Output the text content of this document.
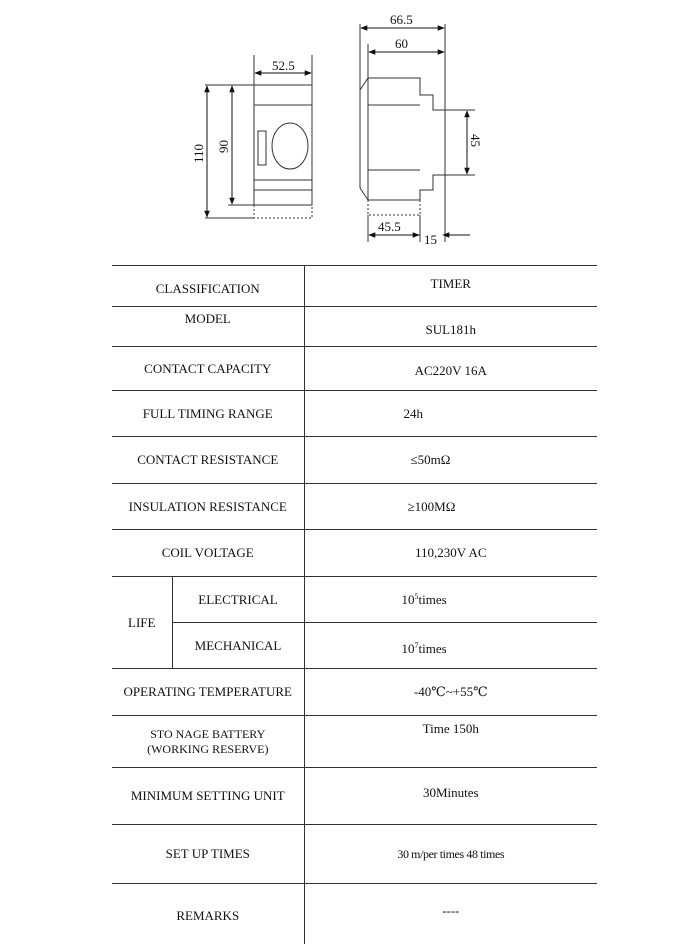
52.5
110 90
66.5
60
45
45.5
15
CLASSIFICATION		TIMER
MODEL		SUL181h
CONTACT CAPACITY		AC220V 16A
FULL TIMING RANGE		24h
CONTACT RESISTANCE		≤50mΩ
INSULATION RESISTANCE		≥100MΩ
COIL VOLTAGE		110,230V AC
LIFE	ELECTRICAL	$10^5times$
	MECHANICAL	$10^7times$
OPERATING TEMPERATURE		-40℃~+55℃
STO NAGE BATTERY
(WORKING RESERVE)		Time 150h
MINIMUM SETTING UNIT		30Minutes
SET UP TIMES		30 m/per times 48 times
REMARKS		----
